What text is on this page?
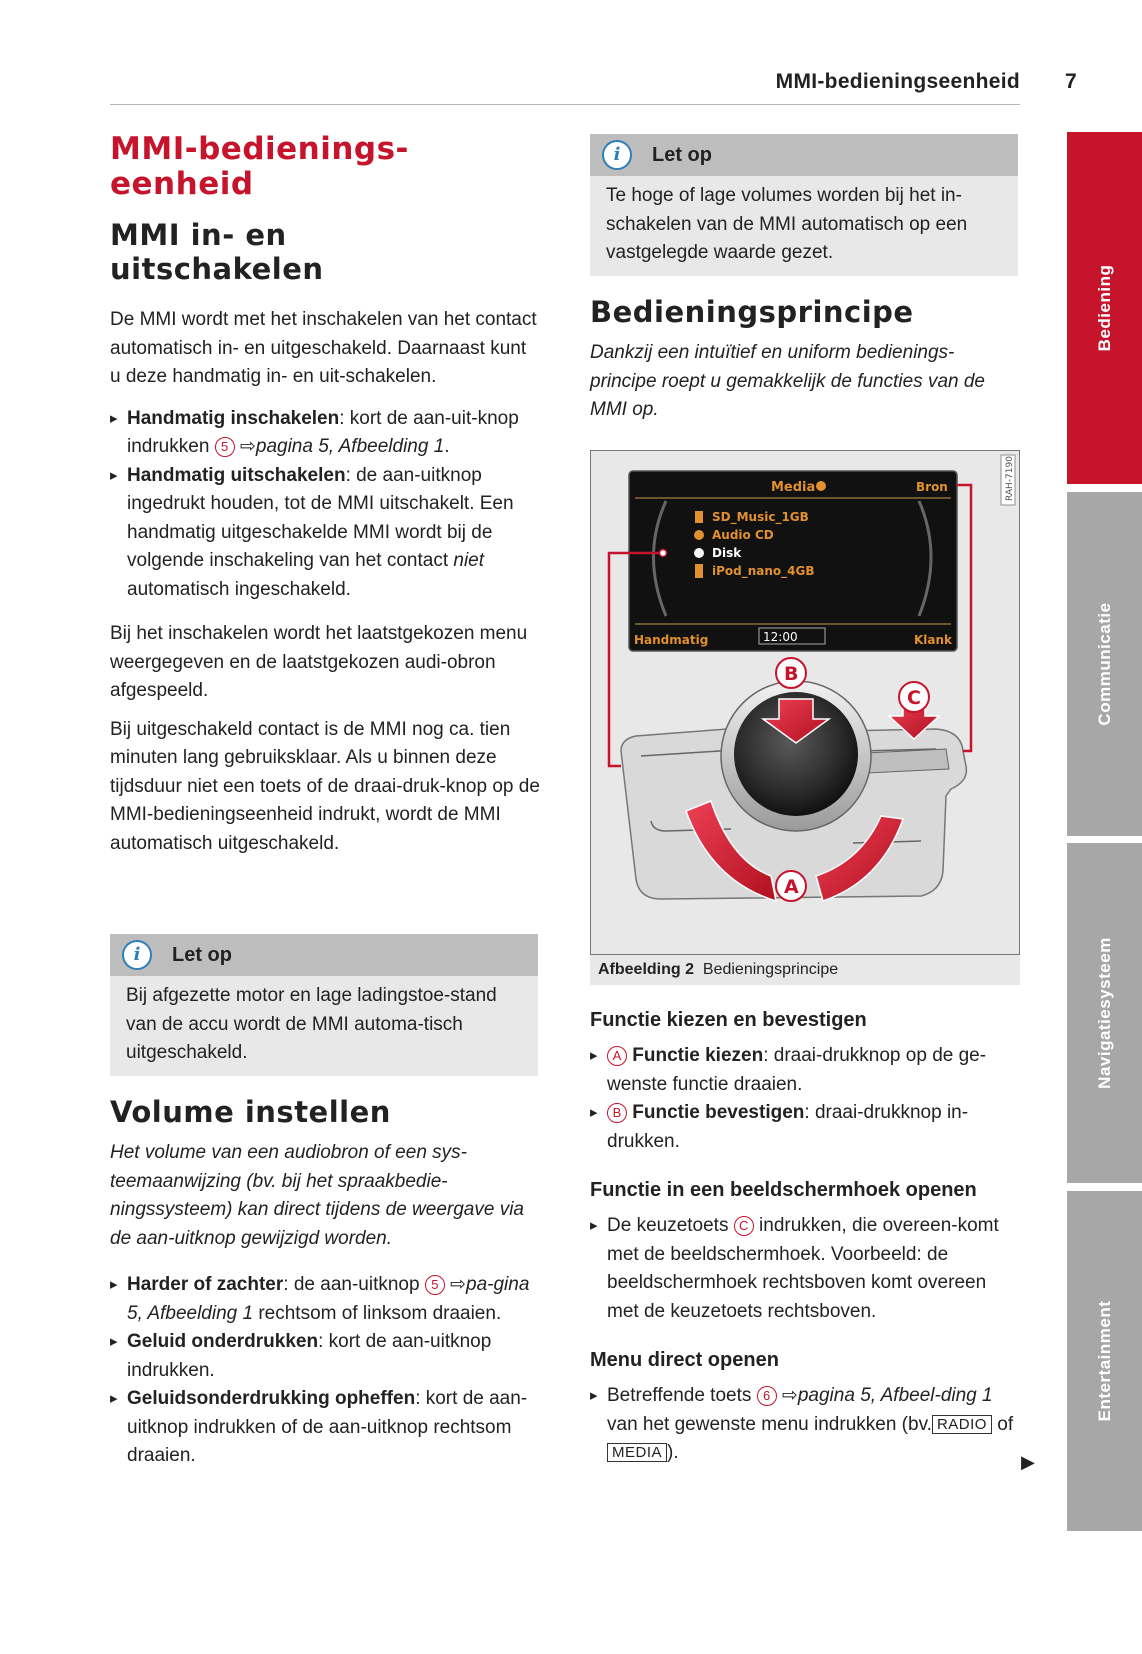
MMI-bedieningseenheid 7
Bediening
Communicatie
Navigatiesysteem
Entertainment
MMI-bedienings-
eenheid
MMI in- en
uitschakelen

De MMI wordt met het inschakelen van het contact automatisch in- en uitgeschakeld. Daarnaast kunt u deze handmatig in- en uit-schakelen.

▸ Handmatig inschakelen: kort de aan-uit-knop indrukken 5 ⇨pagina 5, Afbeelding 1.
▸ Handmatig uitschakelen: de aan-uitknop ingedrukt houden, tot de MMI uitschakelt. Een handmatig uitgeschakelde MMI wordt bij de volgende inschakeling van het contact niet automatisch ingeschakeld.

Bij het inschakelen wordt het laatstgekozen menu weergegeven en de laatstgekozen audi-obron afgespeeld.

Bij uitgeschakeld contact is de MMI nog ca. tien minuten lang gebruiksklaar. Als u binnen deze tijdsduur niet een toets of de draai-druk-knop op de MMI-bedieningseenheid indrukt, wordt de MMI automatisch uitgeschakeld.

i	Let op
Bij afgezette motor en lage ladingstoe-stand van de accu wordt de MMI automa-tisch uitgeschakeld.
Volume instellen

Het volume van een audiobron of een sys-teemaanwijzing (bv. bij het spraakbedie-ningssysteem) kan direct tijdens de weergave via de aan-uitknop gewijzigd worden.

▸ Harder of zachter: de aan-uitknop 5 ⇨pa-gina 5, Afbeelding 1 rechtsom of linksom draaien.
▸ Geluid onderdrukken: kort de aan-uitknop indrukken.
▸ Geluidsonderdrukking opheffen: kort de aan-uitknop indrukken of de aan-uitknop rechtsom draaien.
i	Let op
Te hoge of lage volumes worden bij het in-schakelen van de MMI automatisch op een vastgelegde waarde gezet.
Bedieningsprincipe

Dankzij een intuïtief en uniform bedienings-principe roept u gemakkelijk de functies van de MMI op.

Media	Bron
SD_Music_1GB
Audio CD
Disk
iPod_nano_4GB
Handmatig	12:00	Klank
B
C
A
RAH-7190
Afbeelding 2 Bedieningsprincipe
Functie kiezen en bevestigen
▸ A Functie kiezen: draai-drukknop op de ge-wenste functie draaien.
▸ B Functie bevestigen: draai-drukknop in-drukken.
Functie in een beeldschermhoek openen
▸ De keuzetoets C indrukken, die overeen-komt met de beeldschermhoek. Voorbeeld: de beeldschermhoek rechtsboven komt overeen met de keuzetoets rechtsboven.
Menu direct openen
▸ Betreffende toets 6 ⇨pagina 5, Afbeel-ding 1 van het gewenste menu indrukken (bv. RADIO of MEDIA ).	▶
